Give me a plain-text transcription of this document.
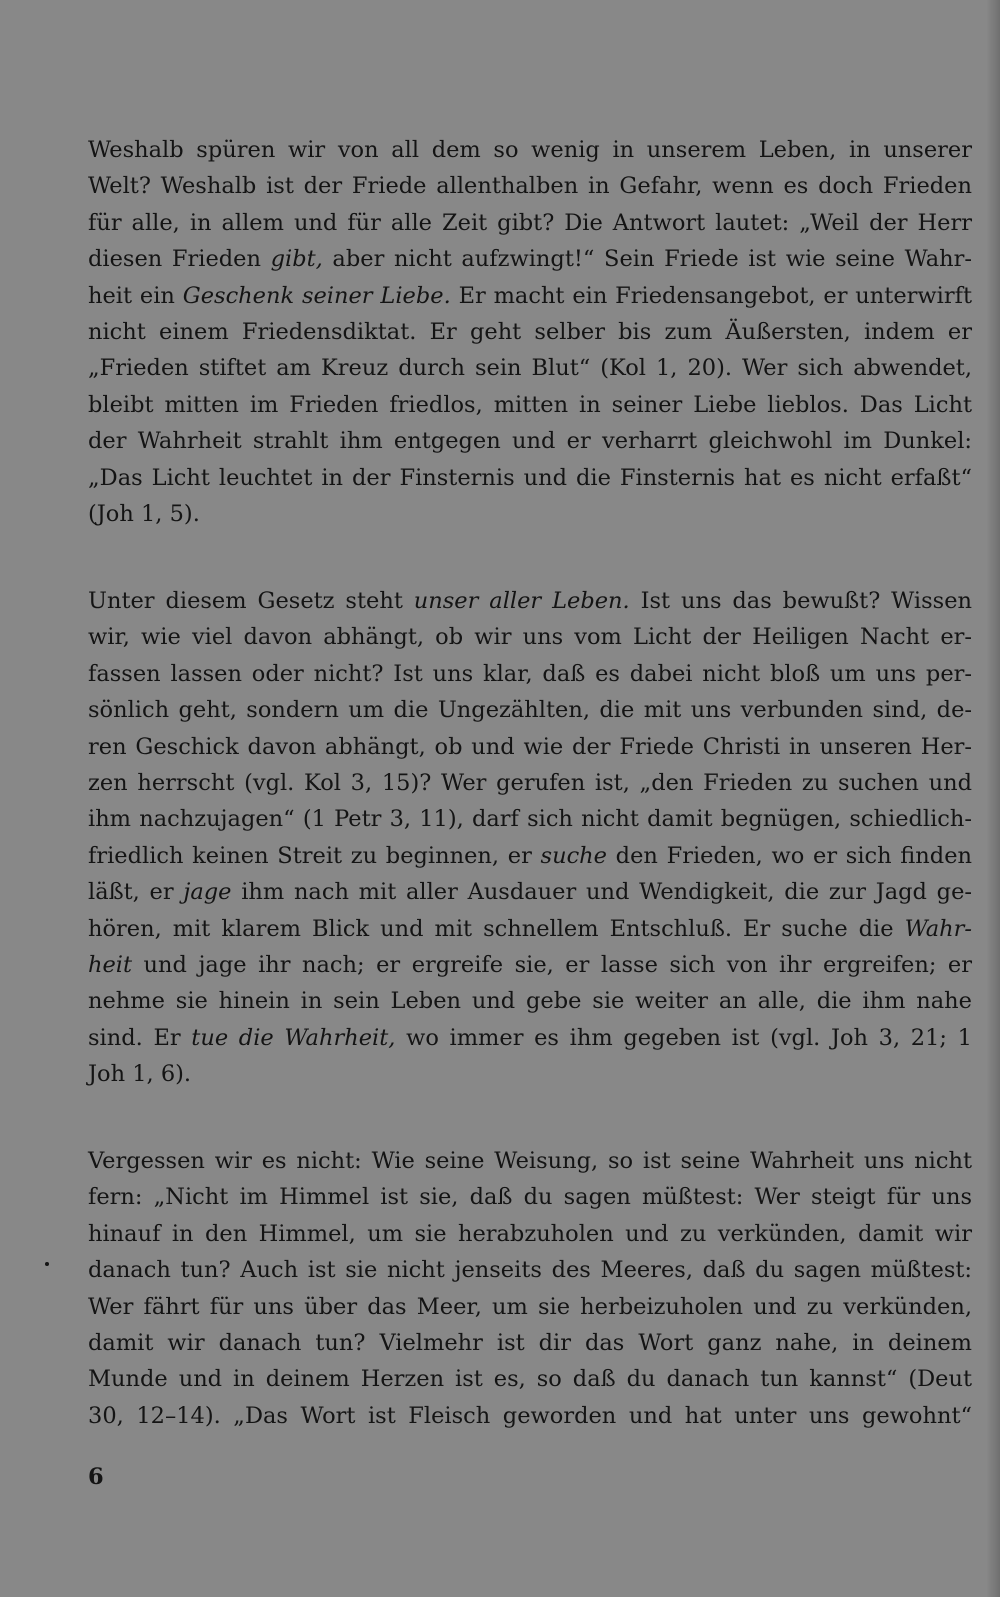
Weshalb spüren wir von all dem so wenig in unserem Leben, in unserer
Welt? Weshalb ist der Friede allenthalben in Gefahr, wenn es doch Frieden
für alle, in allem und für alle Zeit gibt? Die Antwort lautet: „Weil der Herr
diesen Frieden gibt, aber nicht aufzwingt!“ Sein Friede ist wie seine Wahr-
heit ein Geschenk seiner Liebe. Er macht ein Friedensangebot, er unterwirft
nicht einem Friedensdiktat. Er geht selber bis zum Äußersten, indem er
„Frieden stiftet am Kreuz durch sein Blut“ (Kol 1, 20). Wer sich abwendet,
bleibt mitten im Frieden friedlos, mitten in seiner Liebe lieblos. Das Licht
der Wahrheit strahlt ihm entgegen und er verharrt gleichwohl im Dunkel:
„Das Licht leuchtet in der Finsternis und die Finsternis hat es nicht erfaßt“
(Joh 1, 5).
Unter diesem Gesetz steht unser aller Leben. Ist uns das bewußt? Wissen
wir, wie viel davon abhängt, ob wir uns vom Licht der Heiligen Nacht er-
fassen lassen oder nicht? Ist uns klar, daß es dabei nicht bloß um uns per-
sönlich geht, sondern um die Ungezählten, die mit uns verbunden sind, de-
ren Geschick davon abhängt, ob und wie der Friede Christi in unseren Her-
zen herrscht (vgl. Kol 3, 15)? Wer gerufen ist, „den Frieden zu suchen und
ihm nachzujagen“ (1 Petr 3, 11), darf sich nicht damit begnügen, schiedlich-
friedlich keinen Streit zu beginnen, er suche den Frieden, wo er sich finden
läßt, er jage ihm nach mit aller Ausdauer und Wendigkeit, die zur Jagd ge-
hören, mit klarem Blick und mit schnellem Entschluß. Er suche die Wahr-
heit und jage ihr nach; er ergreife sie, er lasse sich von ihr ergreifen; er
nehme sie hinein in sein Leben und gebe sie weiter an alle, die ihm nahe
sind. Er tue die Wahrheit, wo immer es ihm gegeben ist (vgl. Joh 3, 21; 1
Joh 1, 6).
Vergessen wir es nicht: Wie seine Weisung, so ist seine Wahrheit uns nicht
fern: „Nicht im Himmel ist sie, daß du sagen müßtest: Wer steigt für uns
hinauf in den Himmel, um sie herabzuholen und zu verkünden, damit wir
danach tun? Auch ist sie nicht jenseits des Meeres, daß du sagen müßtest:
Wer fährt für uns über das Meer, um sie herbeizuholen und zu verkünden,
damit wir danach tun? Vielmehr ist dir das Wort ganz nahe, in deinem
Munde und in deinem Herzen ist es, so daß du danach tun kannst“ (Deut
30, 12–14). „Das Wort ist Fleisch geworden und hat unter uns gewohnt“
6
